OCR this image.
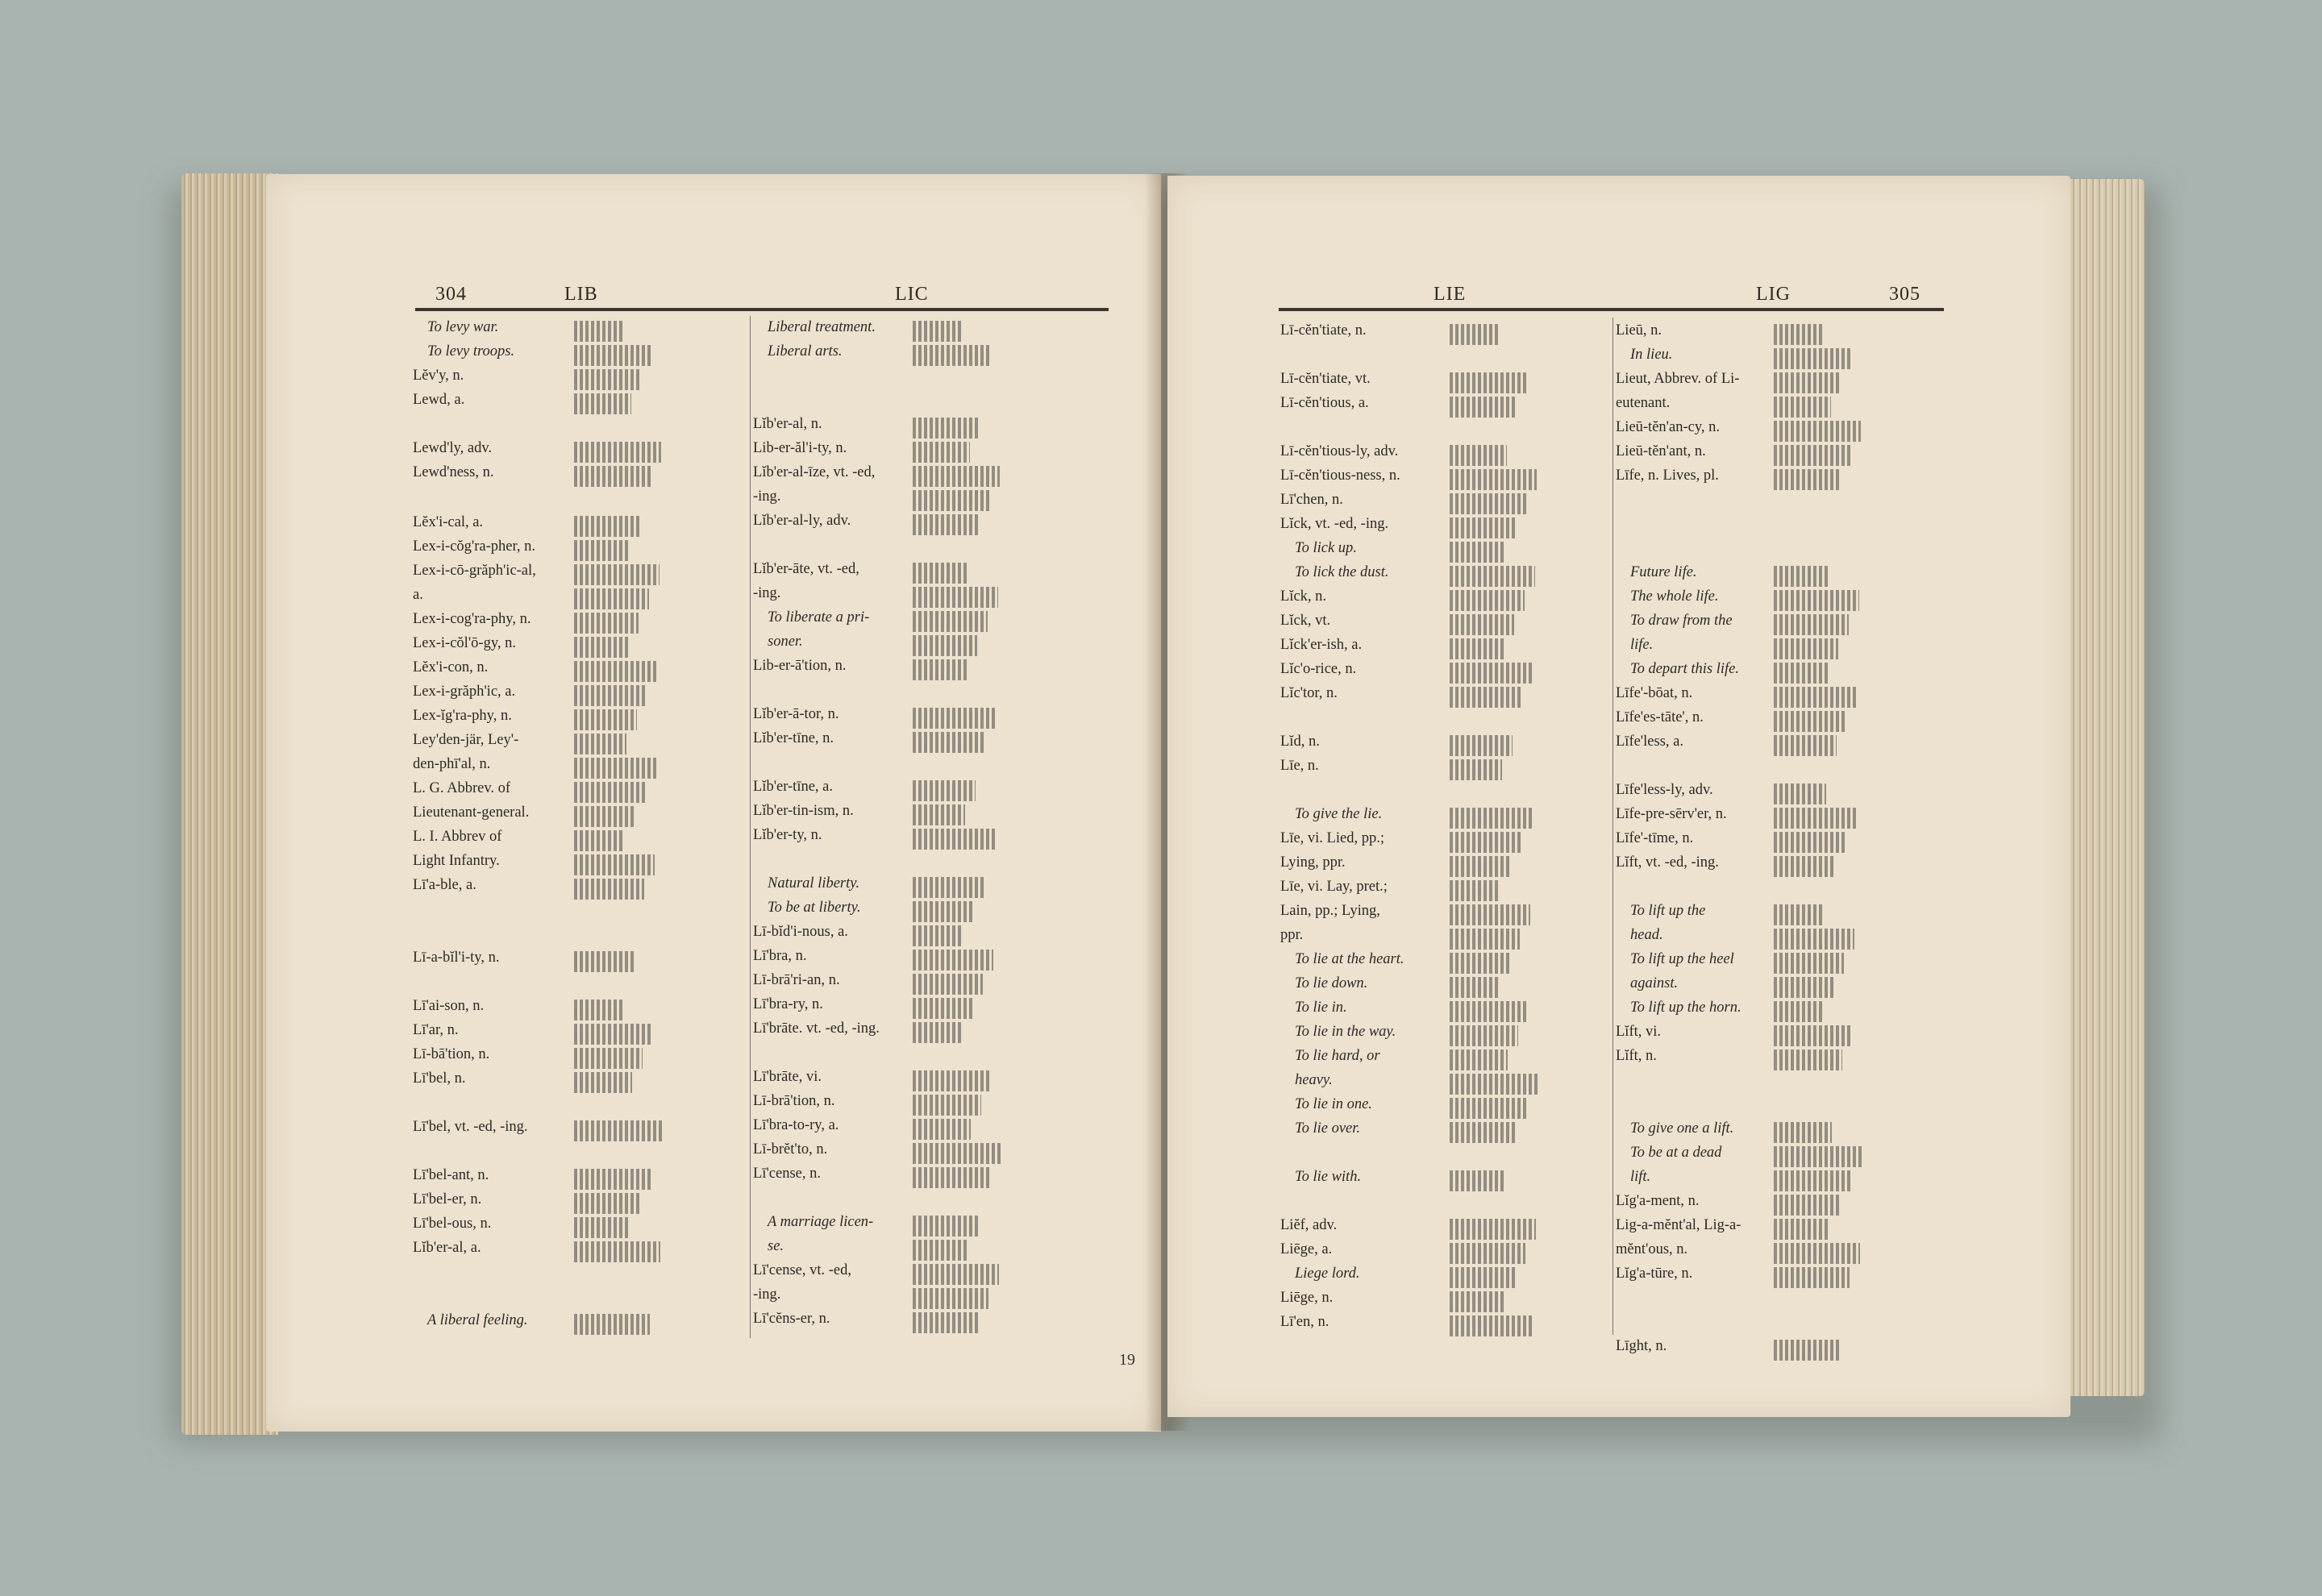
304	LIB	LIC
To levy war.
To levy troops.
Lĕv'y, n.
Lewd, a.
Lewd'ly, adv.
Lewd'ness, n.
Lĕx'i-cal, a.
Lex-i-cŏg'ra-pher, n.
Lex-i-cō-grăph'ic-al,
a.
Lex-i-cog'ra-phy, n.
Lex-i-cŏl'ō-gy, n.
Lĕx'i-con, n.
Lex-i-grăph'ic, a.
Lex-ĭg'ra-phy, n.
Ley'den-jär, Ley'-
den-phī'al, n.
L. G. Abbrev. of
Lieutenant-general.
L. I. Abbrev of
Light Infantry.
Lī'a-ble, a.
Lī-a-bĭl'i-ty, n.
Lī'ai-son, n.
Lī'ar, n.
Lī-bā'tion, n.
Lī'bel, n.
Lī'bel, vt. -ed, -ing.
Lī'bel-ant, n.
Lī'bel-er, n.
Lī'bel-ous, n.
Lĭb'er-al, a.
A liberal feeling.
Liberal treatment.
Liberal arts.
Lĭb'er-al, n.
Lib-er-ăl'i-ty, n.
Lĭb'er-al-īze, vt. -ed,
-ing.
Lĭb'er-al-ly, adv.
Lĭb'er-āte, vt. -ed,
-ing.
To liberate a pri-
soner.
Lib-er-ā'tion, n.
Lĭb'er-ā-tor, n.
Lĭb'er-tīne, n.
Lĭb'er-tīne, a.
Lĭb'er-tin-ism, n.
Lĭb'er-ty, n.
Natural liberty.
To be at liberty.
Lī-bĭd'i-nous, a.
Lī'bra, n.
Lī-brā'ri-an, n.
Lī'bra-ry, n.
Lī'brāte. vt. -ed, -ing.
Lī'brāte, vi.
Lī-brā'tion, n.
Lī'bra-to-ry, a.
Lī-brĕt'to, n.
Lī'cense, n.
A marriage licen-
se.
Lī'cense, vt. -ed,
-ing.
Lī'cĕns-er, n.
19
LIE	LIG	305
Lī-cĕn'tiate, n.
Lī-cĕn'tiate, vt.
Lī-cĕn'tious, a.
Lī-cĕn'tious-ly, adv.
Lī-cĕn'tious-ness, n.
Lī'chen, n.
Lĭck, vt. -ed, -ing.
To lick up.
To lick the dust.
Lĭck, n.
Lĭck, vt.
Lĭck'er-ish, a.
Lĭc'o-rice, n.
Lĭc'tor, n.
Lĭd, n.
Līe, n.
To give the lie.
Līe, vi. Lied, pp.;
Lying, ppr.
Līe, vi. Lay, pret.;
Lain, pp.; Lying,
ppr.
To lie at the heart.
To lie down.
To lie in.
To lie in the way.
To lie hard, or
heavy.
To lie in one.
To lie over.
To lie with.
Liĕf, adv.
Liēge, a.
Liege lord.
Liēge, n.
Lī'en, n.
Lieū, n.
In lieu.
Lieut, Abbrev. of Li-
eutenant.
Lieū-tĕn'an-cy, n.
Lieū-tĕn'ant, n.
Līfe, n. Lives, pl.
Future life.
The whole life.
To draw from the
life.
To depart this life.
Līfe'-bōat, n.
Līfe'es-tāte', n.
Līfe'less, a.
Līfe'less-ly, adv.
Līfe-pre-sērv'er, n.
Līfe'-tīme, n.
Lĭft, vt. -ed, -ing.
To lift up the
head.
To lift up the heel
against.
To lift up the horn.
Lĭft, vi.
Lĭft, n.
To give one a lift.
To be at a dead
lift.
Lĭg'a-ment, n.
Lig-a-mĕnt'al, Lig-a-
mĕnt'ous, n.
Lĭg'a-tūre, n.
Līght, n.
